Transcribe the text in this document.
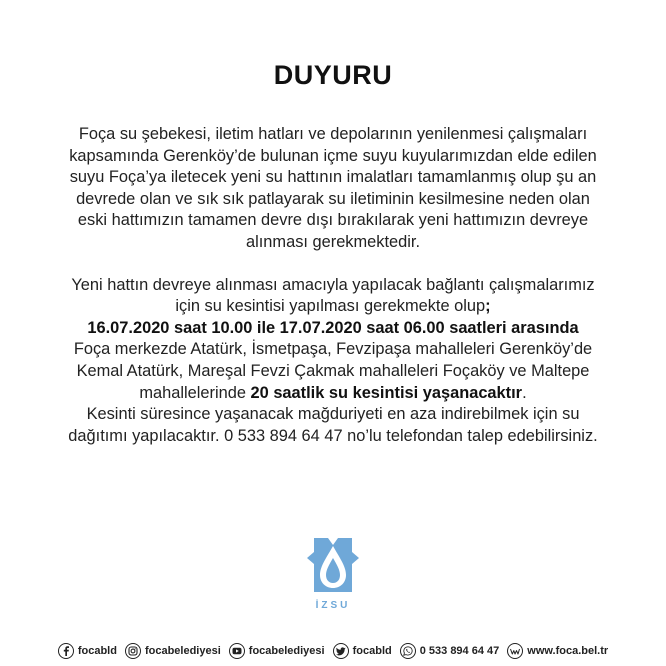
DUYURU

Foça su şebekesi, iletim hatları ve depolarının yenilenmesi çalışmaları

kapsamında Gerenköy’de bulunan içme suyu kuyularımızdan elde edilen

suyu Foça’ya iletecek yeni su hattının imalatları tamamlanmış olup şu an

devrede olan ve sık sık patlayarak su iletiminin kesilmesine neden olan

eski hattımızın tamamen devre dışı bırakılarak yeni hattımızın devreye

alınması gerekmektedir.

Yeni hattın devreye alınması amacıyla yapılacak bağlantı çalışmalarımız

için su kesintisi yapılması gerekmekte olup;

16.07.2020 saat 10.00 ile 17.07.2020 saat 06.00 saatleri arasında

Foça merkezde Atatürk, İsmetpaşa, Fevzipaşa mahalleleri Gerenköy’de

Kemal Atatürk, Mareşal Fevzi Çakmak mahalleleri Foçaköy ve Maltepe

mahallelerinde 20 saatlik su kesintisi yaşanacaktır.

Kesinti süresince yaşanacak mağduriyeti en aza indirebilmek için su

dağıtımı yapılacaktır. 0 533 894 64 47 no’lu telefondan talep edebilirsiniz.

İZSU
focabld	focabelediyesi	focabelediyesi	focabld	0 533 894 64 47	www.foca.bel.tr
